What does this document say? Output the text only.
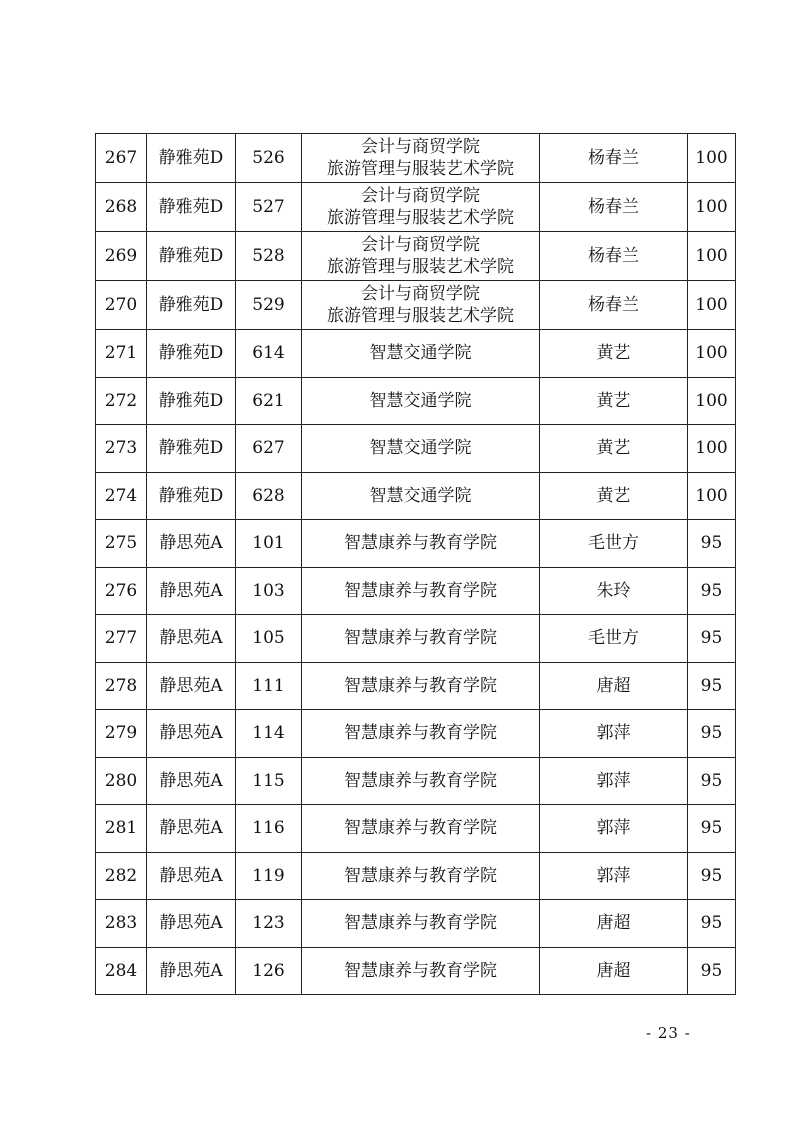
267	静雅苑D	526	会计与商贸学院
旅游管理与服装艺术学院	杨春兰	100
268	静雅苑D	527	会计与商贸学院
旅游管理与服装艺术学院	杨春兰	100
269	静雅苑D	528	会计与商贸学院
旅游管理与服装艺术学院	杨春兰	100
270	静雅苑D	529	会计与商贸学院
旅游管理与服装艺术学院	杨春兰	100
271	静雅苑D	614	智慧交通学院	黄艺	100
272	静雅苑D	621	智慧交通学院	黄艺	100
273	静雅苑D	627	智慧交通学院	黄艺	100
274	静雅苑D	628	智慧交通学院	黄艺	100
275	静思苑A	101	智慧康养与教育学院	毛世方	95
276	静思苑A	103	智慧康养与教育学院	朱玲	95
277	静思苑A	105	智慧康养与教育学院	毛世方	95
278	静思苑A	111	智慧康养与教育学院	唐超	95
279	静思苑A	114	智慧康养与教育学院	郭萍	95
280	静思苑A	115	智慧康养与教育学院	郭萍	95
281	静思苑A	116	智慧康养与教育学院	郭萍	95
282	静思苑A	119	智慧康养与教育学院	郭萍	95
283	静思苑A	123	智慧康养与教育学院	唐超	95
284	静思苑A	126	智慧康养与教育学院	唐超	95
- 23 -
